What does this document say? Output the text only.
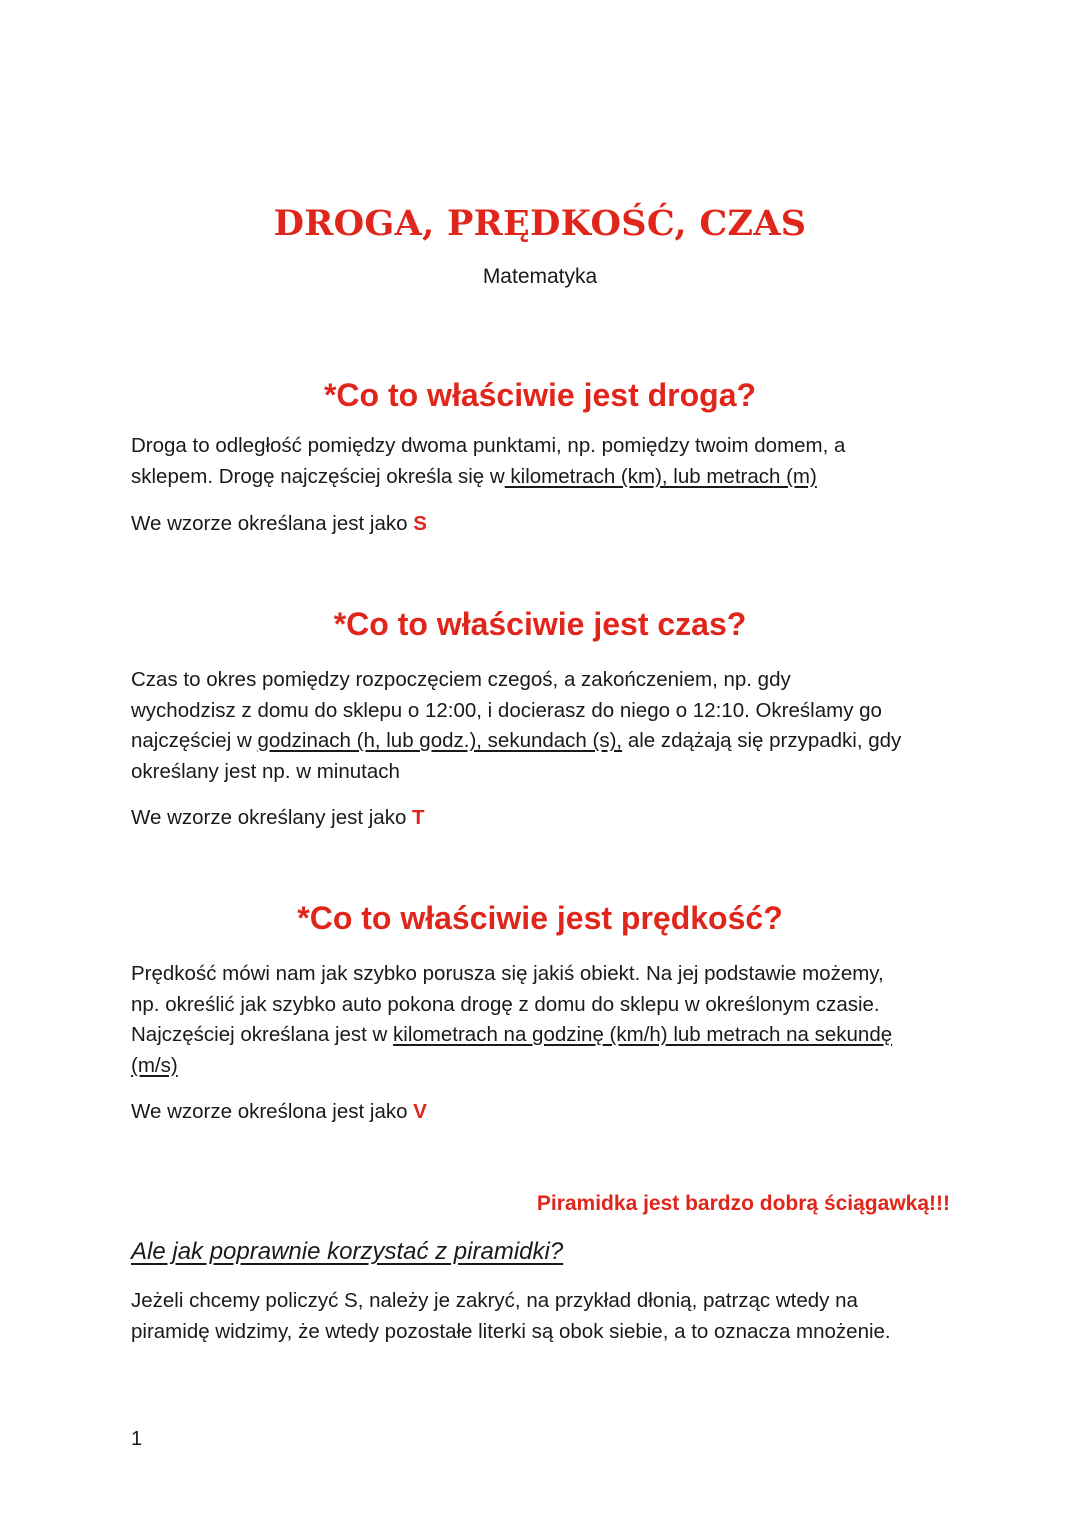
DROGA, PRĘDKOŚĆ, CZAS
Matematyka
*Co to właściwie jest droga?

Droga to odległość pomiędzy dwoma punktami, np. pomiędzy twoim domem, a
sklepem. Drogę najczęściej określa się w kilometrach (km), lub metrach (m)

We wzorze określana jest jako S
*Co to właściwie jest czas?

Czas to okres pomiędzy rozpoczęciem czegoś, a zakończeniem, np. gdy
wychodzisz z domu do sklepu o 12:00, i docierasz do niego o 12:10. Określamy go
najczęściej w godzinach (h, lub godz.), sekundach (s), ale zdążają się przypadki, gdy
określany jest np. w minutach

We wzorze określany jest jako T
*Co to właściwie jest prędkość?

Prędkość mówi nam jak szybko porusza się jakiś obiekt. Na jej podstawie możemy,
np. określić jak szybko auto pokona drogę z domu do sklepu w określonym czasie.
Najczęściej określana jest w kilometrach na godzinę (km/h) lub metrach na sekundę
(m/s)

We wzorze określona jest jako V
Piramidka jest bardzo dobrą ściągawką!!!
Ale jak poprawnie korzystać z piramidki?

Jeżeli chcemy policzyć S, należy je zakryć, na przykład dłonią, patrząc wtedy na
piramidę widzimy, że wtedy pozostałe literki są obok siebie, a to oznacza mnożenie.

1
